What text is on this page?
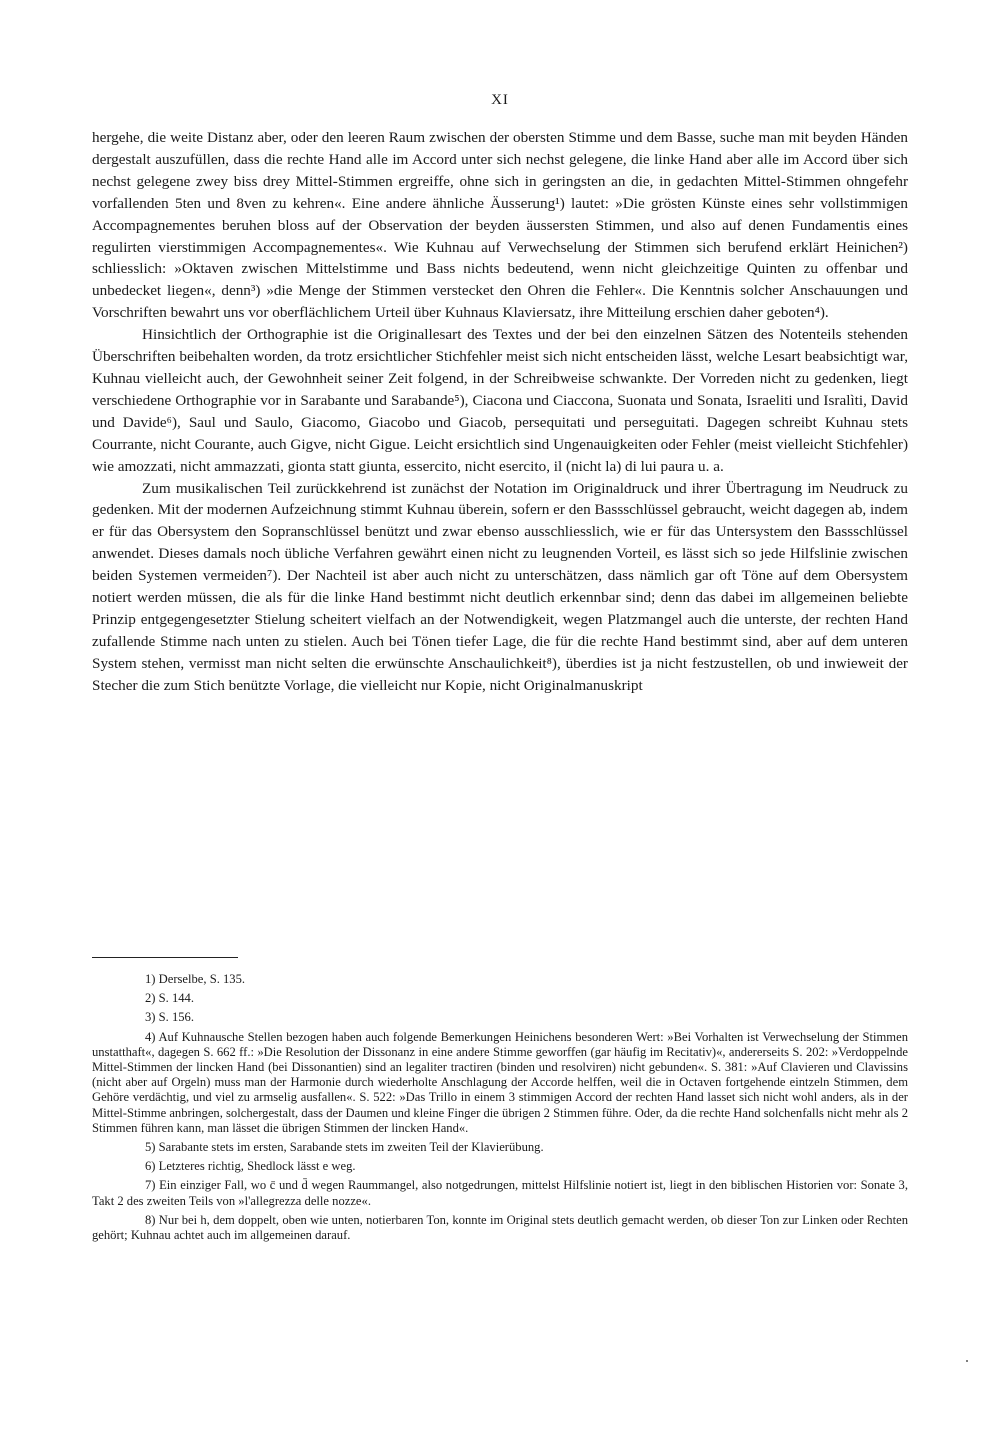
XI

hergehe, die weite Distanz aber, oder den leeren Raum zwischen der obersten Stimme und dem Basse, suche man mit beyden Händen dergestalt auszufüllen, dass die rechte Hand alle im Accord unter sich nechst gelegene, die linke Hand aber alle im Accord über sich nechst gelegene zwey biss drey Mittel-Stimmen ergreiffe, ohne sich in geringsten an die, in gedachten Mittel-Stimmen ohngefehr vorfallenden 5ten und 8ven zu kehren«. Eine andere ähnliche Äusserung¹) lautet: »Die grösten Künste eines sehr vollstimmigen Accompagnementes beruhen bloss auf der Observation der beyden äussersten Stimmen, und also auf denen Fundamentis eines regulirten vierstimmigen Accompagnementes«. Wie Kuhnau auf Verwechselung der Stimmen sich berufend erklärt Heinichen²) schliesslich: »Oktaven zwischen Mittelstimme und Bass nichts bedeutend, wenn nicht gleichzeitige Quinten zu offenbar und unbedecket liegen«, denn³) »die Menge der Stimmen verstecket den Ohren die Fehler«. Die Kenntnis solcher Anschauungen und Vorschriften bewahrt uns vor oberflächlichem Urteil über Kuhnaus Klaviersatz, ihre Mitteilung erschien daher geboten⁴).

Hinsichtlich der Orthographie ist die Originallesart des Textes und der bei den einzelnen Sätzen des Notenteils stehenden Überschriften beibehalten worden, da trotz ersichtlicher Stichfehler meist sich nicht entscheiden lässt, welche Lesart beabsichtigt war, Kuhnau vielleicht auch, der Gewohnheit seiner Zeit folgend, in der Schreibweise schwankte. Der Vorreden nicht zu gedenken, liegt verschiedene Orthographie vor in Sarabante und Sarabande⁵), Ciacona und Ciaccona, Suonata und Sonata, Israeliti und Isralìti, David und Davide⁶), Saul und Saulo, Giacomo, Giacobo und Giacob, persequitati und perseguitati. Dagegen schreibt Kuhnau stets Courrante, nicht Courante, auch Gigve, nicht Gigue. Leicht ersichtlich sind Ungenauigkeiten oder Fehler (meist vielleicht Stichfehler) wie amozzati, nicht ammazzati, gionta statt giunta, essercito, nicht esercito, il (nicht la) di lui paura u. a.

Zum musikalischen Teil zurückkehrend ist zunächst der Notation im Originaldruck und ihrer Übertragung im Neudruck zu gedenken. Mit der modernen Aufzeichnung stimmt Kuhnau überein, sofern er den Bassschlüssel gebraucht, weicht dagegen ab, indem er für das Obersystem den Sopranschlüssel benützt und zwar ebenso ausschliesslich, wie er für das Untersystem den Bassschlüssel anwendet. Dieses damals noch übliche Verfahren gewährt einen nicht zu leugnenden Vorteil, es lässt sich so jede Hilfslinie zwischen beiden Systemen vermeiden⁷). Der Nachteil ist aber auch nicht zu unterschätzen, dass nämlich gar oft Töne auf dem Obersystem notiert werden müssen, die als für die linke Hand bestimmt nicht deutlich erkennbar sind; denn das dabei im allgemeinen beliebte Prinzip entgegengesetzter Stielung scheitert vielfach an der Notwendigkeit, wegen Platzmangel auch die unterste, der rechten Hand zufallende Stimme nach unten zu stielen. Auch bei Tönen tiefer Lage, die für die rechte Hand bestimmt sind, aber auf dem unteren System stehen, vermisst man nicht selten die erwünschte Anschaulichkeit⁸), überdies ist ja nicht festzustellen, ob und inwieweit der Stecher die zum Stich benützte Vorlage, die vielleicht nur Kopie, nicht Originalmanuskript

1) Derselbe, S. 135.

2) S. 144.

3) S. 156.

4) Auf Kuhnausche Stellen bezogen haben auch folgende Bemerkungen Heinichens besonderen Wert: »Bei Vorhalten ist Verwechselung der Stimmen unstatthaft«, dagegen S. 662 ff.: »Die Resolution der Dissonanz in eine andere Stimme geworffen (gar häufig im Recitativ)«, andererseits S. 202: »Verdoppelnde Mittel-Stimmen der lincken Hand (bei Dissonantien) sind an legaliter tractiren (binden und resolviren) nicht gebunden«. S. 381: »Auf Clavieren und Clavissins (nicht aber auf Orgeln) muss man der Harmonie durch wiederholte Anschlagung der Accorde helffen, weil die in Octaven fortgehende eintzeln Stimmen, dem Gehöre verdächtig, und viel zu armselig ausfallen«. S. 522: »Das Trillo in einem 3 stimmigen Accord der rechten Hand lasset sich nicht wohl anders, als in der Mittel-Stimme anbringen, solchergestalt, dass der Daumen und kleine Finger die übrigen 2 Stimmen führe. Oder, da die rechte Hand solchenfalls nicht mehr als 2 Stimmen führen kann, man lässet die übrigen Stimmen der lincken Hand«.

5) Sarabante stets im ersten, Sarabande stets im zweiten Teil der Klavierübung.

6) Letzteres richtig, Shedlock lässt e weg.

7) Ein einziger Fall, wo c̄ und d̄ wegen Raummangel, also notgedrungen, mittelst Hilfslinie notiert ist, liegt in den biblischen Historien vor: Sonate 3, Takt 2 des zweiten Teils von »l'allegrezza delle nozze«.

8) Nur bei h, dem doppelt, oben wie unten, notierbaren Ton, konnte im Original stets deutlich gemacht werden, ob dieser Ton zur Linken oder Rechten gehört; Kuhnau achtet auch im allgemeinen darauf.
